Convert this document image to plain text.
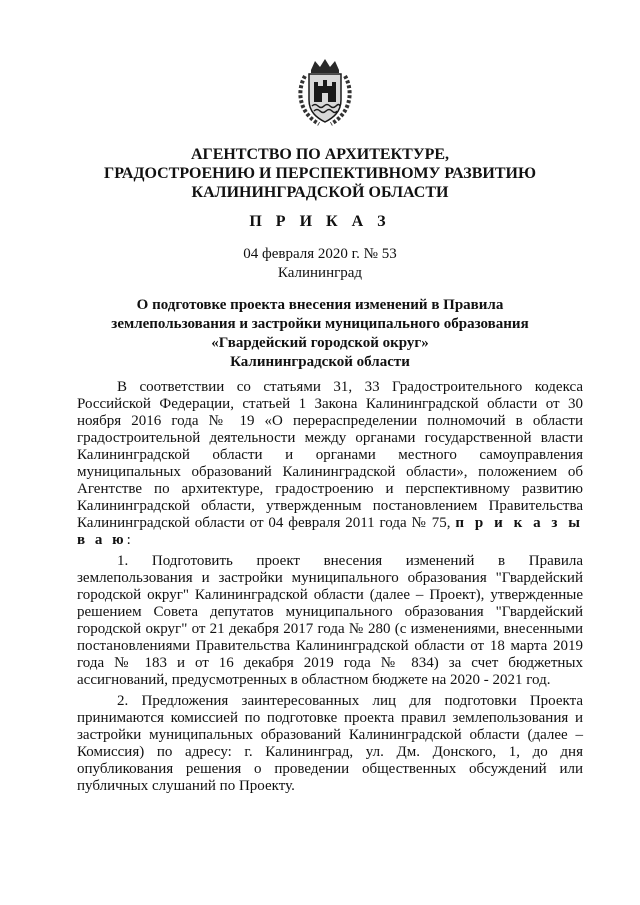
АГЕНТСТВО ПО АРХИТЕКТУРЕ,
ГРАДОСТРОЕНИЮ И ПЕРСПЕКТИВНОМУ РАЗВИТИЮ
КАЛИНИНГРАДСКОЙ ОБЛАСТИ
П Р И К А З
04 февраля 2020 г. № 53
Калининград
О подготовке проекта внесения изменений в Правила
землепользования и застройки муниципального образования
«Гвардейский городской округ»
Калининградской области

В соответствии со статьями 31, 33 Градостроительного кодекса Российской Федерации, статьей 1 Закона Калининградской области от 30 ноября 2016 года № 19 «О перераспределении полномочий в области градостроительной деятельности между органами государственной власти Калининградской области и органами местного самоуправления муниципальных образований Калининградской области», положением об Агентстве по архитектуре, градостроению и перспективному развитию Калининградской области, утвержденным постановлением Правительства Калининградской области от 04 февраля 2011 года № 75, п р и к а з ы в а ю:

1. Подготовить проект внесения изменений в Правила землепользования и застройки муниципального образования "Гвардейский городской округ" Калининградской области (далее – Проект), утвержденные решением Совета депутатов муниципального образования "Гвардейский городской округ" от 21 декабря 2017 года № 280 (с изменениями, внесенными постановлениями Правительства Калининградской области от 18 марта 2019 года № 183 и от 16 декабря 2019 года № 834) за счет бюджетных ассигнований, предусмотренных в областном бюджете на 2020 - 2021 год.

2. Предложения заинтересованных лиц для подготовки Проекта принимаются комиссией по подготовке проекта правил землепользования и застройки муниципальных образований Калининградской области (далее – Комиссия) по адресу: г. Калининград, ул. Дм. Донского, 1, до дня опубликования решения о проведении общественных обсуждений или публичных слушаний по Проекту.
